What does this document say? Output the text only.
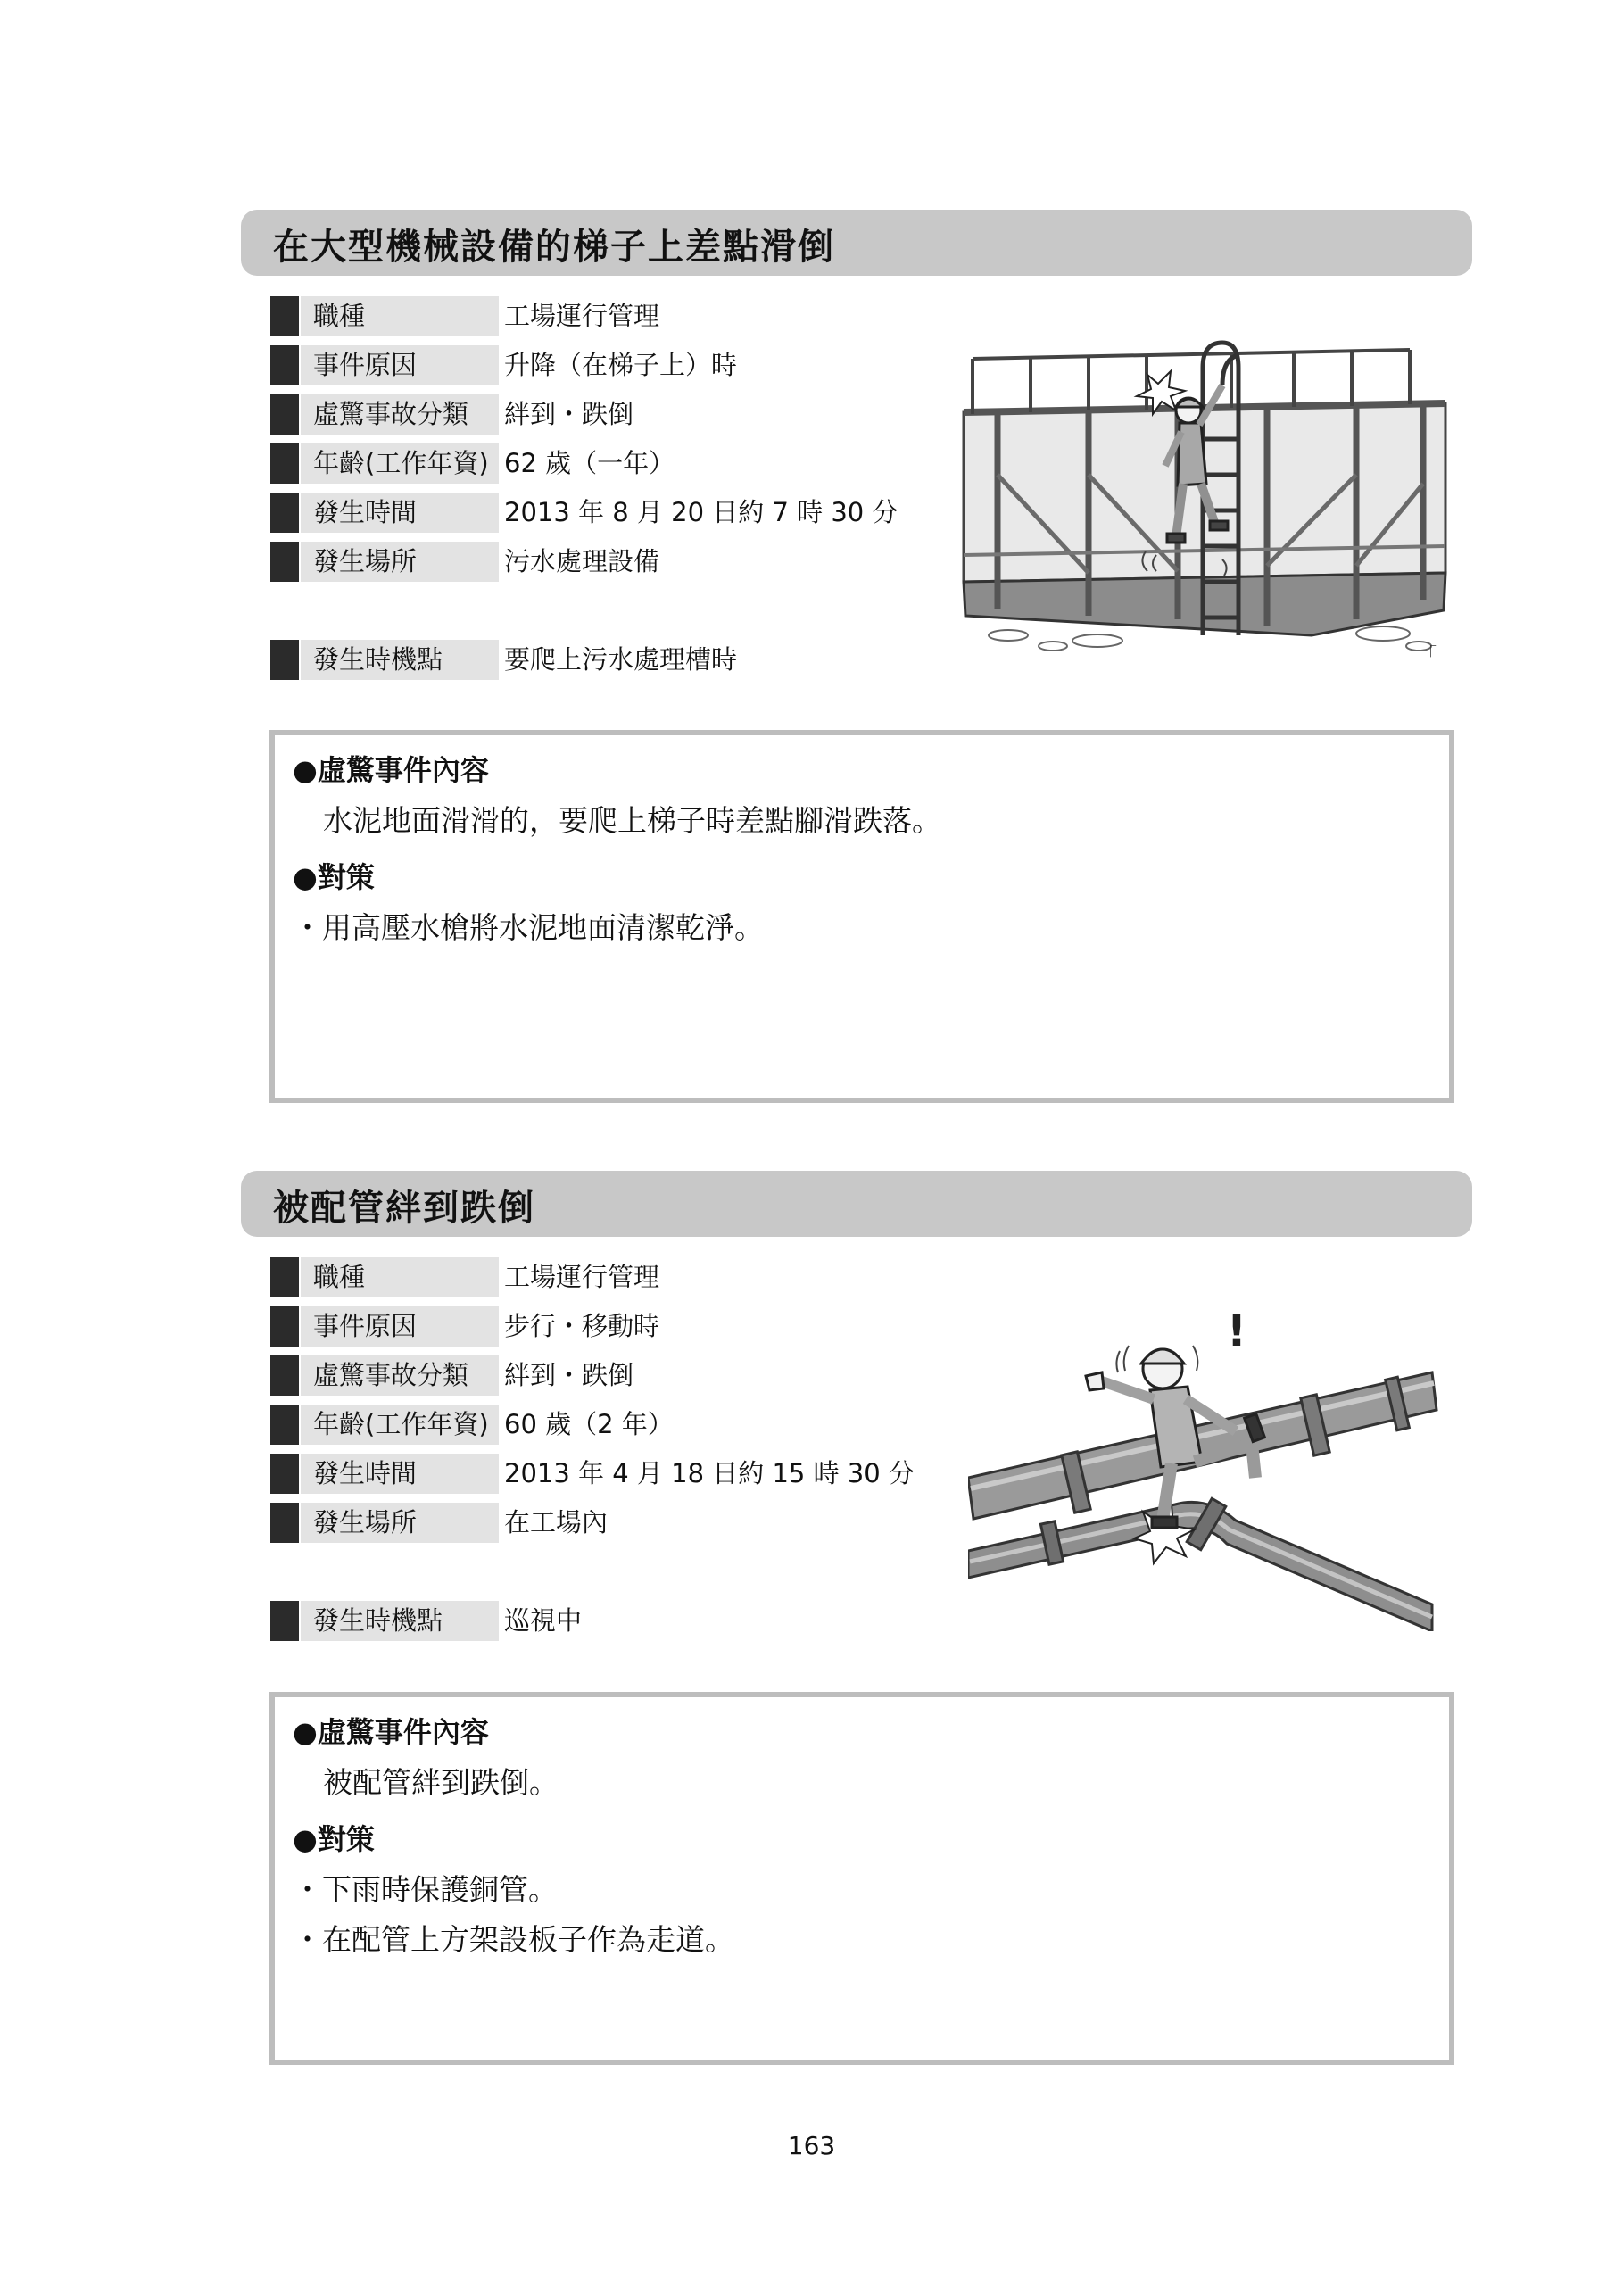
在大型機械設備的梯子上差點滑倒
職種	工場運行管理
事件原因	升降（在梯子上）時
虛驚事故分類	絆到・跌倒
年齡(工作年資) 62 歲（一年）
發生時間	2013 年 8 月 20 日約 7 時 30 分
發生場所	污水處理設備
發生時機點	要爬上污水處理槽時	「
●虛驚事件內容
水泥地面滑滑的，要爬上梯子時差點腳滑跌落。
●對策
・用高壓水槍將水泥地面清潔乾淨。
被配管絆到跌倒
職種	工場運行管理
事件原因	步行・移動時
虛驚事故分類	絆到・跌倒
年齡(工作年資) 60 歲（2 年）
發生時間	2013 年 4 月 18 日約 15 時 30 分
發生場所	在工場內
發生時機點	巡視中
!
●虛驚事件內容
被配管絆到跌倒。
●對策
・下雨時保護銅管。
・在配管上方架設板子作為走道。
163
